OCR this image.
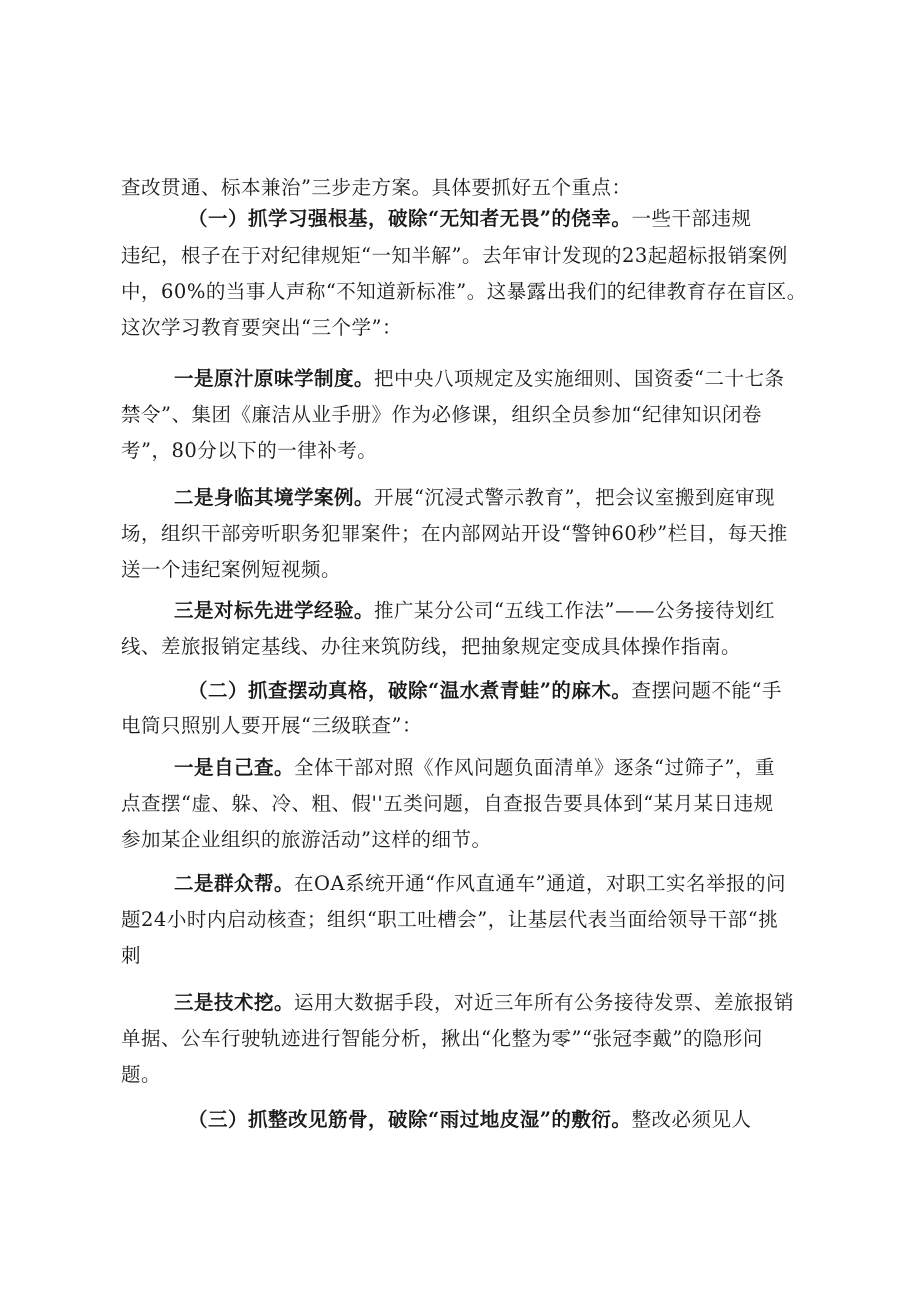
查改贯通、标本兼治”三步走方案。具体要抓好五个重点：

（一）抓学习强根基，破除“无知者无畏”的侥幸。一些干部违规

违纪，根子在于对纪律规矩“一知半解”。去年审计发现的23起超标报销案例

中，60%的当事人声称“不知道新标准”。这暴露出我们的纪律教育存在盲区。

这次学习教育要突出“三个学”：

一是原汁原味学制度。把中央八项规定及实施细则、国资委“二十七条

禁令”、集团《廉洁从业手册》作为必修课，组织全员参加“纪律知识闭卷

考”，80分以下的一律补考。

二是身临其境学案例。开展“沉浸式警示教育”，把会议室搬到庭审现

场，组织干部旁听职务犯罪案件；在内部网站开设“警钟60秒”栏目，每天推

送一个违纪案例短视频。

三是对标先进学经验。推广某分公司“五线工作法”——公务接待划红

线、差旅报销定基线、办往来筑防线，把抽象规定变成具体操作指南。

（二）抓查摆动真格，破除“温水煮青蛙”的麻木。查摆问题不能“手

电筒只照别人要开展“三级联查”：

一是自己查。全体干部对照《作风问题负面清单》逐条“过筛子”，重

点查摆“虚、躲、冷、粗、假''五类问题，自查报告要具体到“某月某日违规

参加某企业组织的旅游活动”这样的细节。

二是群众帮。在OA系统开通“作风直通车”通道，对职工实名举报的问

题24小时内启动核查；组织“职工吐槽会”，让基层代表当面给领导干部“挑

刺

三是技术挖。运用大数据手段，对近三年所有公务接待发票、差旅报销

单据、公车行驶轨迹进行智能分析，揪出“化整为零”“张冠李戴”的隐形问

题。

（三）抓整改见筋骨，破除“雨过地皮湿”的敷衍。整改必须见人
